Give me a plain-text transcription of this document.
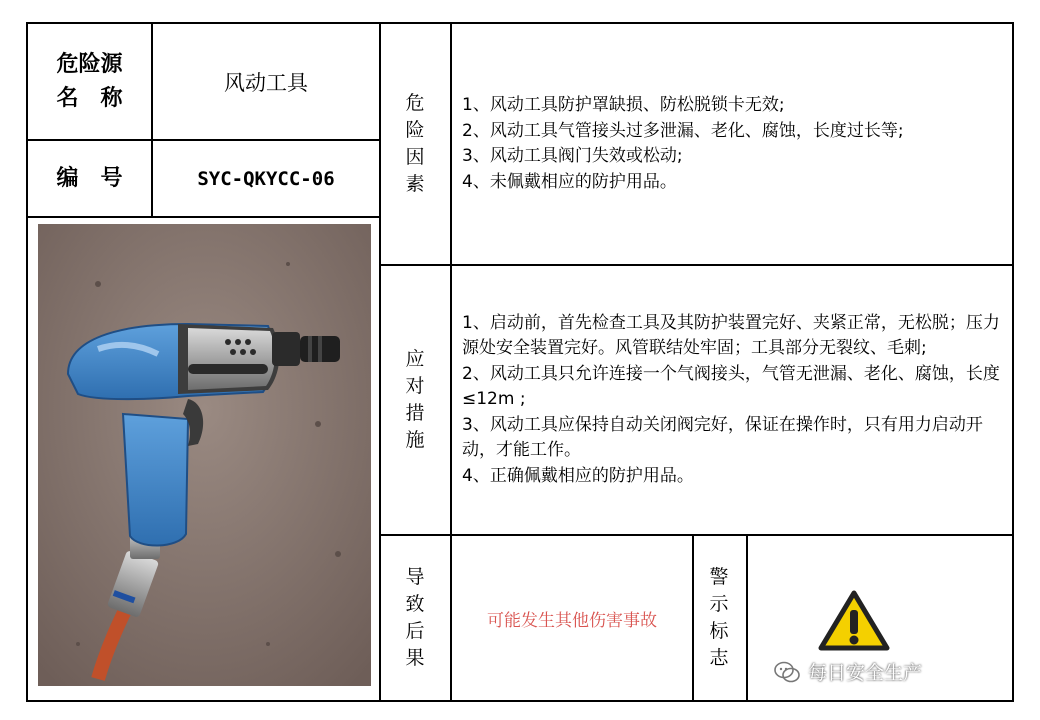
危险源
名　称
风动工具
编　号	SYC-QKYCC-06
危险因素
1、风动工具防护罩缺损、防松脱锁卡无效;
2、风动工具气管接头过多泄漏、老化、腐蚀，长度过长等;
3、风动工具阀门失效或松动;
4、未佩戴相应的防护用品。
应对措施
1、启动前，首先检查工具及其防护装置完好、夹紧正常，无松脱；压力源处安全装置完好。风管联结处牢固；工具部分无裂纹、毛刺;
2、风动工具只允许连接一个气阀接头，气管无泄漏、老化、腐蚀，长度≤12m ;
3、风动工具应保持自动关闭阀完好，保证在操作时，只有用力启动开动，才能工作。
4、正确佩戴相应的防护用品。
导致后果
可能发生其他伤害事故
警示标志
每日安全生产
